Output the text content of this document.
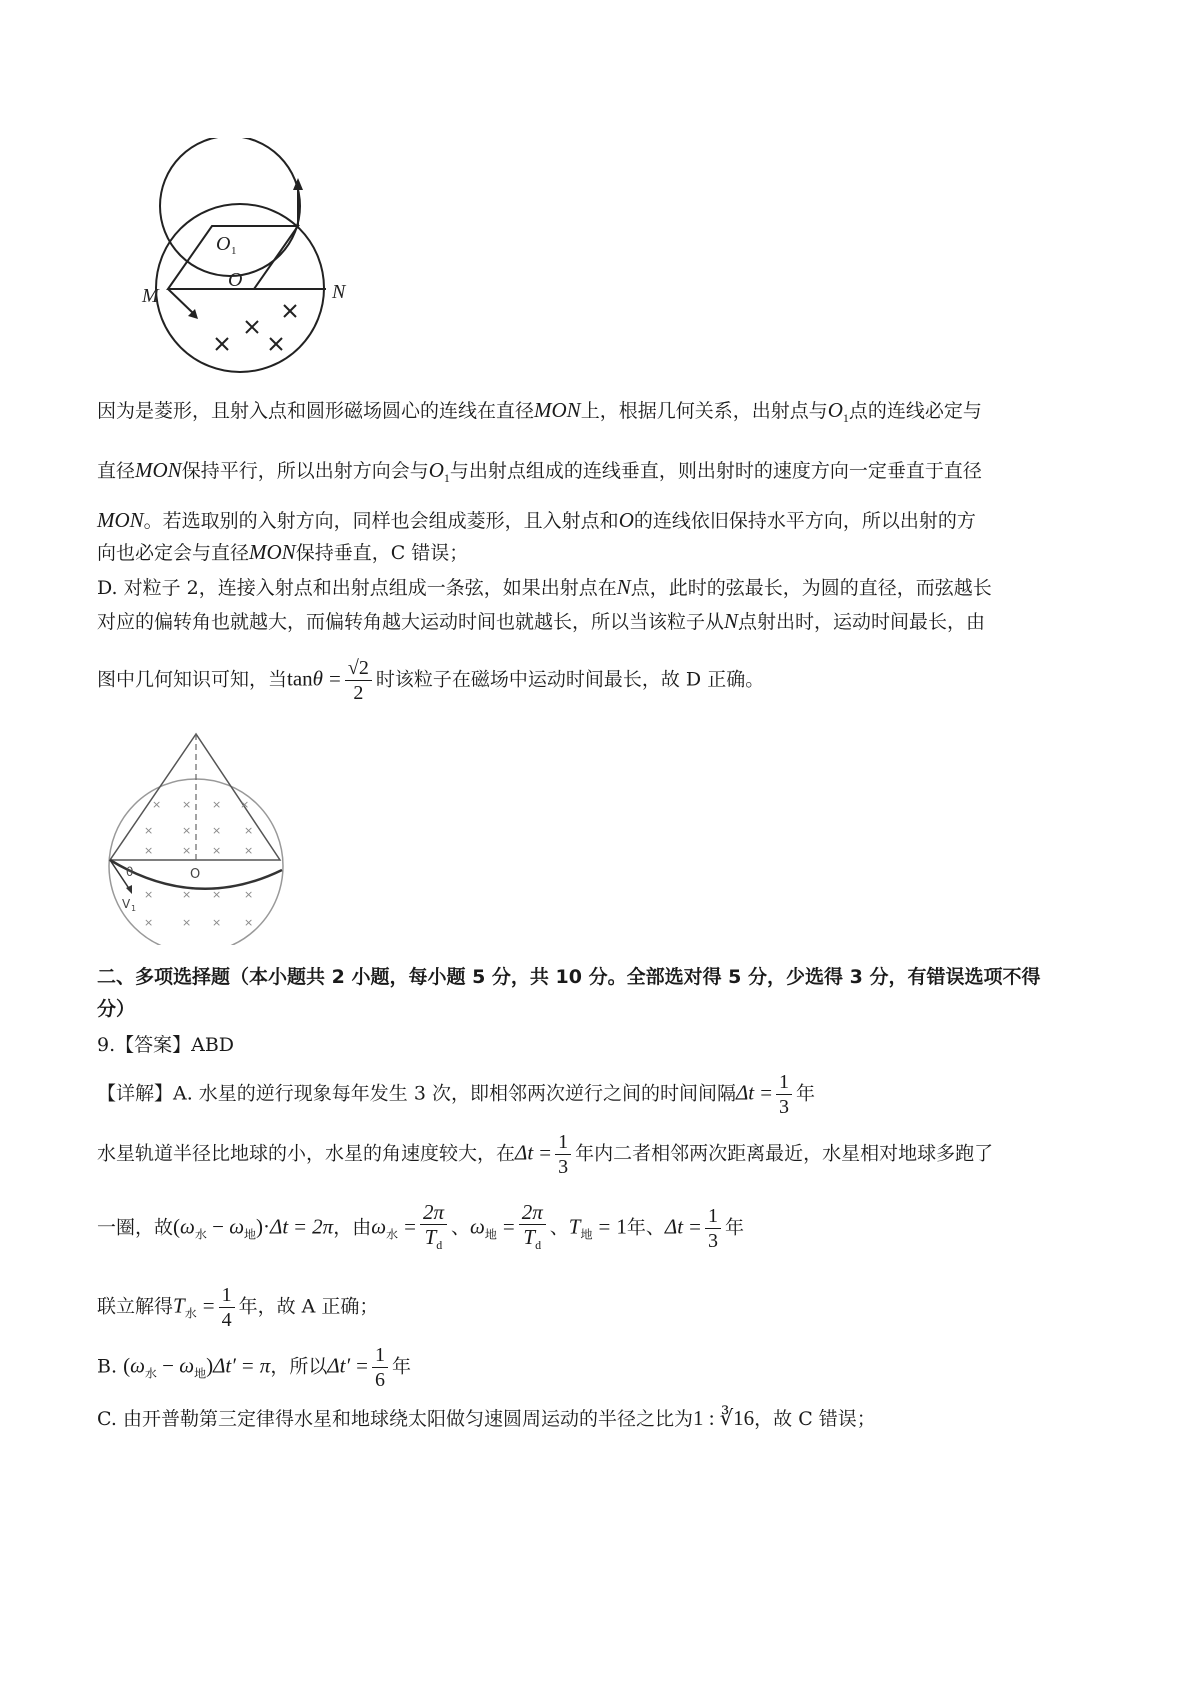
O 1
O
M	N
因为是菱形，且射入点和圆形磁场圆心的连线在直径MON上，根据几何关系，出射点与$O_1$点的连线必定与
直径MON保持平行，所以出射方向会与$O_1$与出射点组成的连线垂直，则出射时的速度方向一定垂直于直径
MON。若选取别的入射方向，同样也会组成菱形，且入射点和O的连线依旧保持水平方向，所以出射的方
向也必定会与直径MON保持垂直，C 错误；
D. 对粒子 2，连接入射点和出射点组成一条弦，如果出射点在N点，此时的弦最长，为圆的直径，而弦越长
对应的偏转角也就越大，而偏转角越大运动时间也就越长，所以当该粒子从N点射出时，运动时间最长，由
图中几何知识可知，当$\tan\theta = \frac{√2}{2}$ 时该粒子在磁场中运动时间最长，故 D 正确。
× × × ×
×	× × ×
×	× × ×
×	× × ×
×	× × ×
O
θ
V 1
二、多项选择题（本小题共 2 小题，每小题 5 分，共 10 分。全部选对得 5 分，少选得 3 分，有错误选项不得
分）
9.【答案】ABD
【详解】A. 水星的逆行现象每年发生 3 次，即相邻两次逆行之间的时间间隔$\Delta t = \frac{1}{3}$ 年
水星轨道半径比地球的小，水星的角速度较大，在$\Delta t = \frac{1}{3}$ 年内二者相邻两次距离最近，水星相对地球多跑了
一圈，故$(\omega_水 - \omega_地)\cdot\Delta t = 2\pi$，由$\omega_水 = \frac{2\pi}{T_d}$ 、$\omega_地 = \frac{2\pi}{T_d}$ 、$T_地 = 1$年、$\Delta t = \frac{1}{3}$ 年
联立解得$T_水 = \frac{1}{4}$ 年，故 A 正确；
B. $(\omega_水 - \omega_地)\Delta t' = \pi$，所以$\Delta t' = \frac{1}{6}$ 年
C. 由开普勒第三定律得水星和地球绕太阳做匀速圆周运动的半径之比为1 : ∛16，故 C 错误；
